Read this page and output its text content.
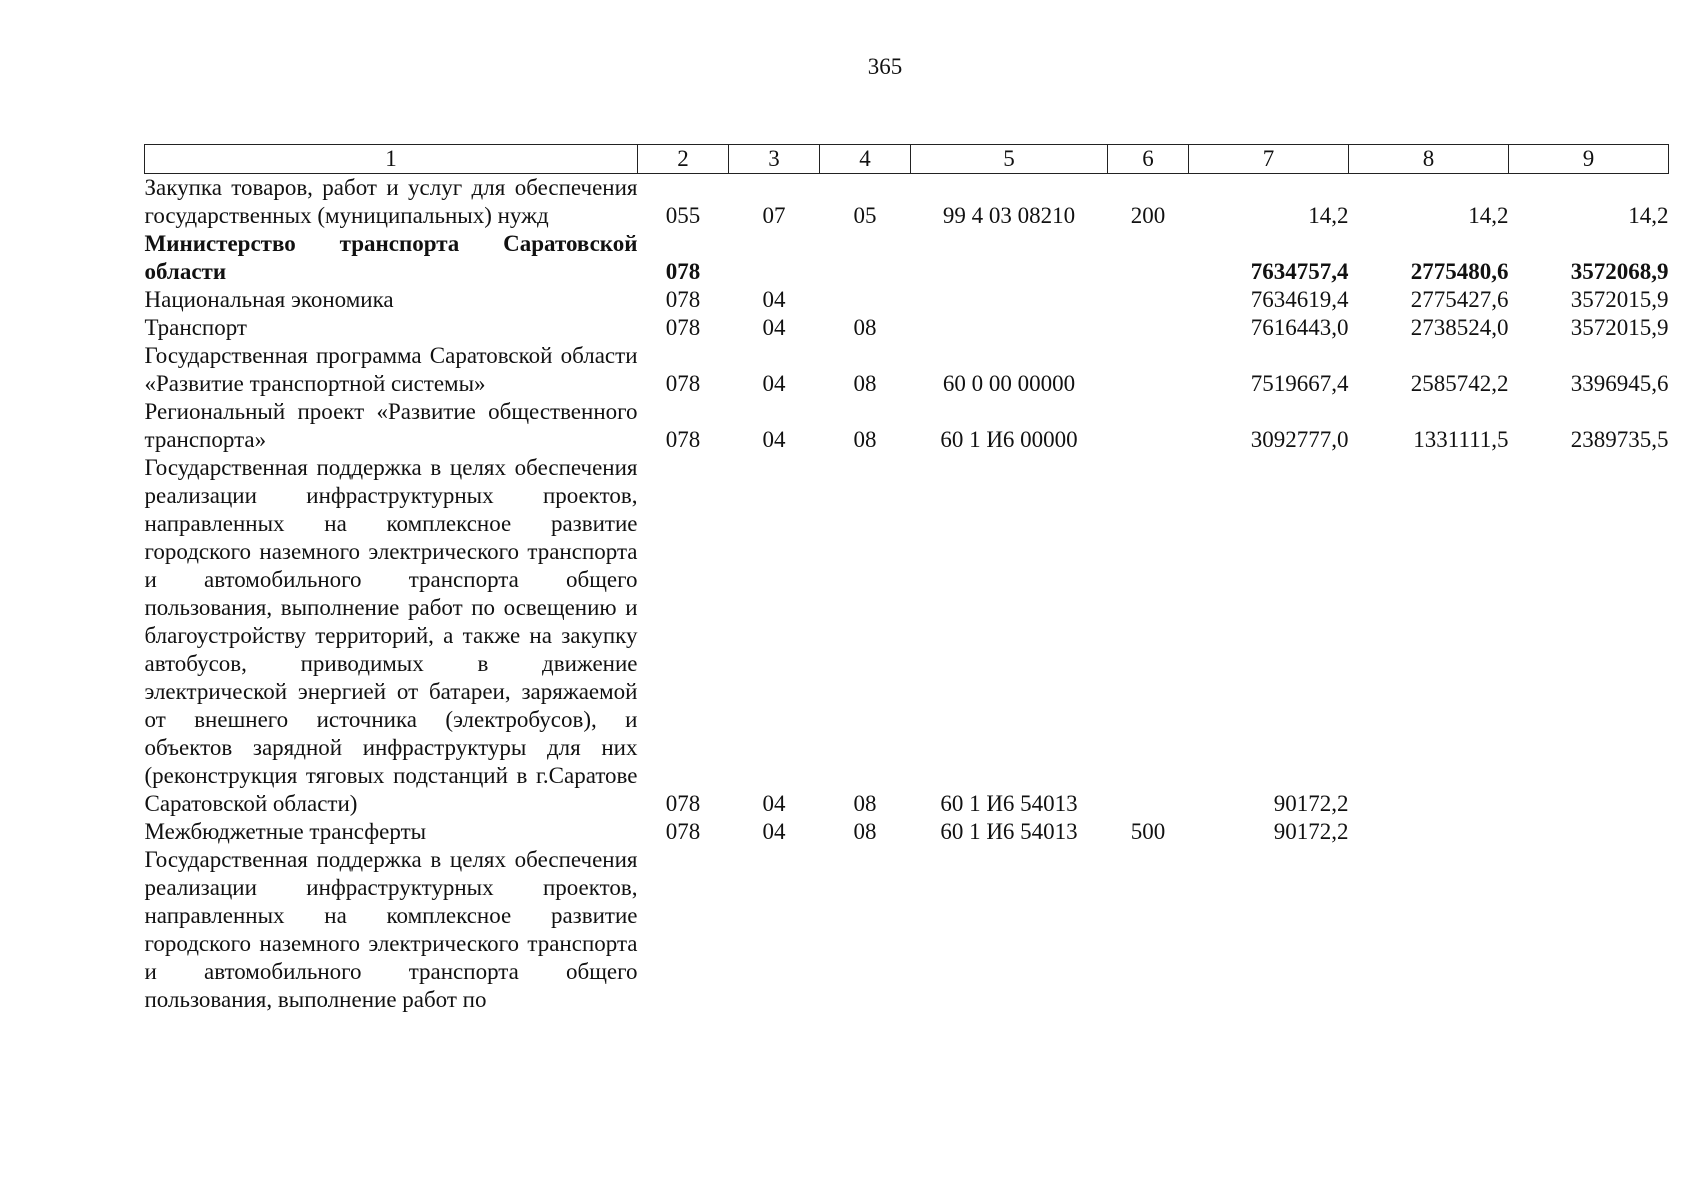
365
1	2	3	4	5	6	7	8	9
Закупка товаров, работ и услуг для обеспечения государственных (муниципальных) нужд	055	07	05	99 4 03 08210	200	14,2	14,2	14,2
Министерство транспорта Саратовской области	078					7634757,4	2775480,6	3572068,9
Национальная экономика	078	04				7634619,4	2775427,6	3572015,9
Транспорт	078	04	08			7616443,0	2738524,0	3572015,9
Государственная программа Саратовской области «Развитие транспортной системы»	078	04	08	60 0 00 00000		7519667,4	2585742,2	3396945,6
Региональный проект «Развитие общественного транспорта»	078	04	08	60 1 И6 00000		3092777,0	1331111,5	2389735,5
Государственная поддержка в целях обеспечения реализации инфраструктурных проектов, направленных на комплексное развитие городского наземного электрического транспорта и автомобильного транспорта общего пользования, выполнение работ по освещению и благоустройству территорий, а также на закупку автобусов, приводимых в движение электрической энергией от батареи, заряжаемой от внешнего источника (электробусов), и объектов зарядной инфраструктуры для них (реконструкция тяговых подстанций в г.Саратове Саратовской области)	078	04	08	60 1 И6 54013		90172,2		
Межбюджетные трансферты	078	04	08	60 1 И6 54013	500	90172,2		
Государственная поддержка в целях обеспечения реализации инфраструктурных проектов, направленных на комплексное развитие городского наземного электрического транспорта и автомобильного транспорта общего пользования, выполнение работ по								
